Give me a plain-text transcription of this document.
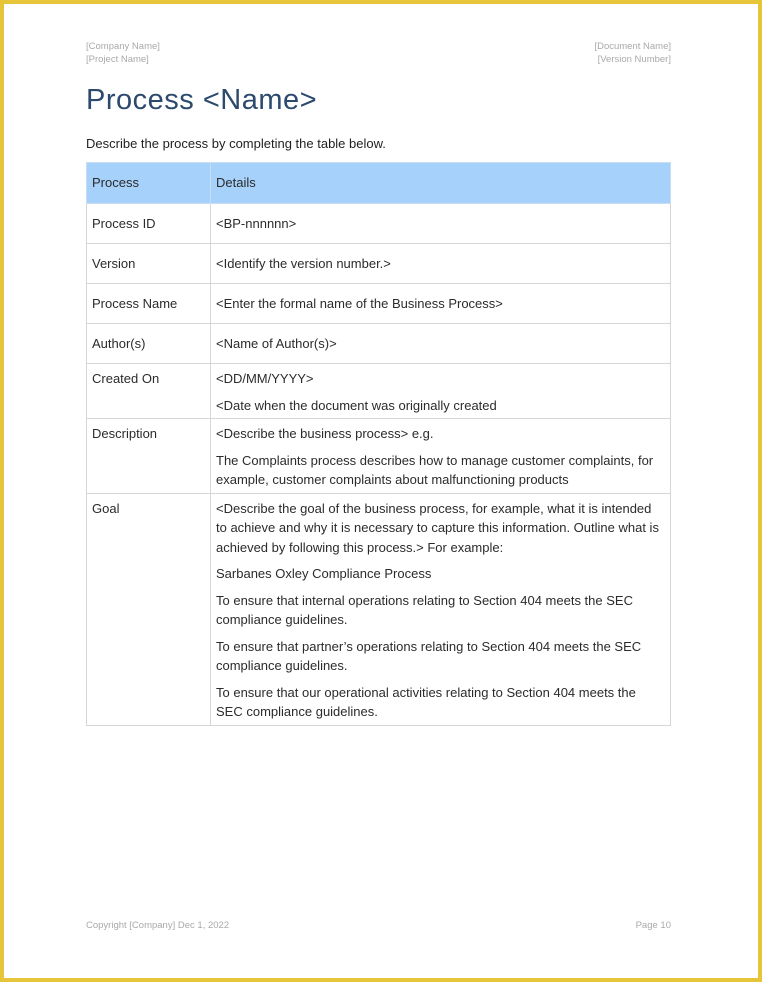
[Company Name]
[Project Name]
[Document Name]
[Version Number]
Process <Name>

Describe the process by completing the table below.

Process	Details
Process ID	<BP-nnnnnn>
Version	<Identify the version number.>
Process Name	<Enter the formal name of the Business Process>
Author(s)	<Name of Author(s)>
Created On	<DD/MM/YYYY>

<Date when the document was originally created

Description	<Describe the business process> e.g.

The Complaints process describes how to manage customer complaints, for example, customer complaints about malfunctioning products

Goal	<Describe the goal of the business process, for example, what it is intended to achieve and why it is necessary to capture this information. Outline what is achieved by following this process.> For example:

Sarbanes Oxley Compliance Process

To ensure that internal operations relating to Section 404 meets the SEC compliance guidelines.

To ensure that partner’s operations relating to Section 404 meets the SEC compliance guidelines.

To ensure that our operational activities relating to Section 404 meets the SEC compliance guidelines.

Copyright [Company] Dec 1, 2022	Page 10
